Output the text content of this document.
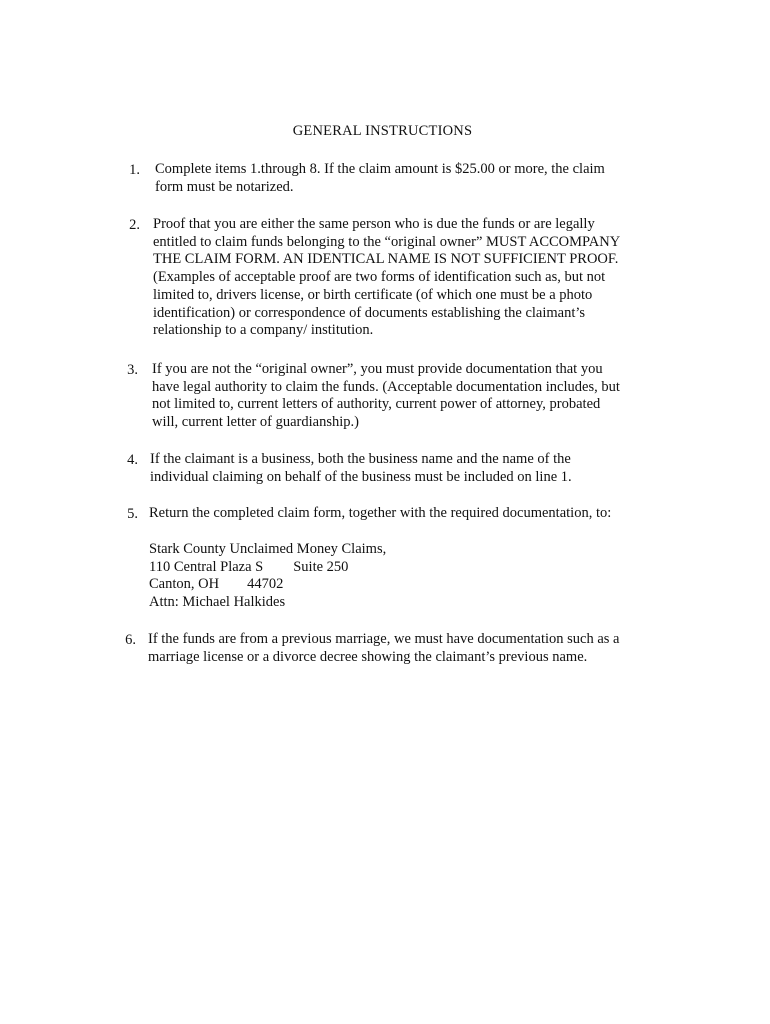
GENERAL INSTRUCTIONS
1. Complete items 1.through 8. If the claim amount is $25.00 or more, the claim
form must be notarized.
2. Proof that you are either the same person who is due the funds or are legally
entitled to claim funds belonging to the “original owner” MUST ACCOMPANY
THE CLAIM FORM. AN IDENTICAL NAME IS NOT SUFFICIENT PROOF.
(Examples of acceptable proof are two forms of identification such as, but not
limited to, drivers license, or birth certificate (of which one must be a photo
identification) or correspondence of documents establishing the claimant’s
relationship to a company/ institution.
3. If you are not the “original owner”, you must provide documentation that you
have legal authority to claim the funds. (Acceptable documentation includes, but
not limited to, current letters of authority, current power of attorney, probated
will, current letter of guardianship.)
4. If the claimant is a business, both the business name and the name of the
individual claiming on behalf of the business must be included on line 1.
5. Return the completed claim form, together with the required documentation, to:
Stark County Unclaimed Money Claims,
110 Central Plaza S Suite 250
Canton, OH 44702
Attn: Michael Halkides
6. If the funds are from a previous marriage, we must have documentation such as a
marriage license or a divorce decree showing the claimant’s previous name.
